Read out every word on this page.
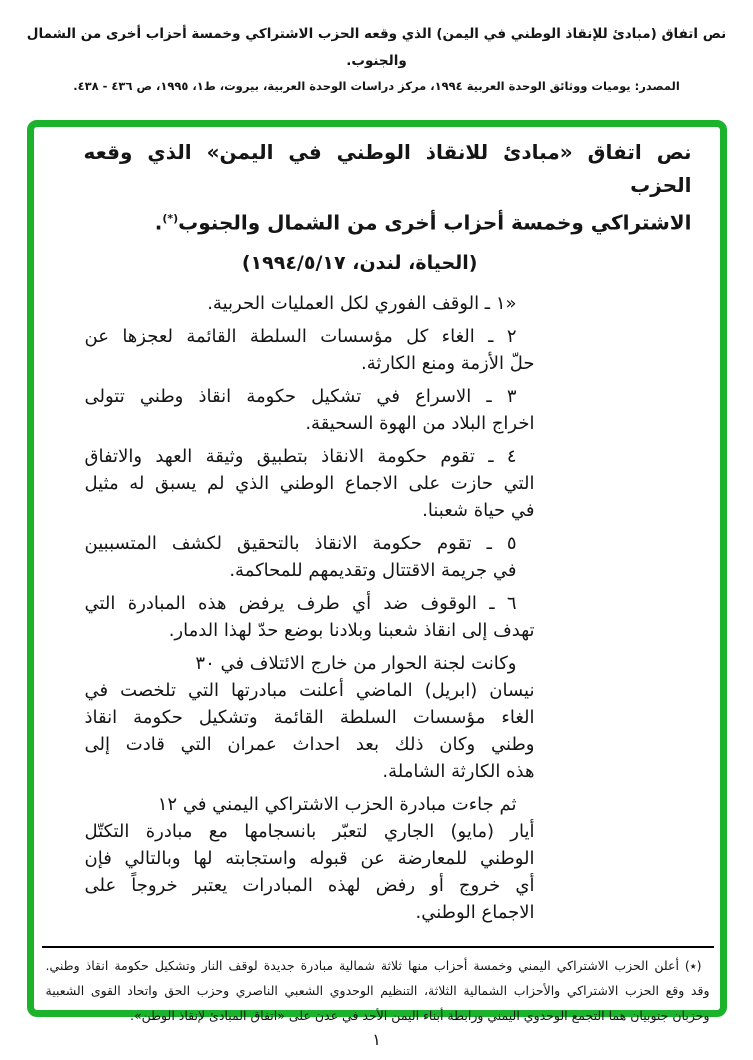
نص اتفاق (مبادئ للإنقاذ الوطني في اليمن) الذي وقعه الحزب الاشتراكي وخمسة أحزاب أخرى من الشمال
والجنوب.
المصدر: يوميات ووثائق الوحدة العربية ١٩٩٤، مركز دراسات الوحدة العربية، بيروت، ط١، ١٩٩٥، ص ٤٣٦ - ٤٣٨.
نص اتفاق «مبادئ للانقاذ الوطني في اليمن» الذي وقعه الحزب
الاشتراكي وخمسة أحزاب أخرى من الشمال والجنوب(*).
(الحياة، لندن، ١٩٩٤/٥/١٧)
«١ ـ الوقف الفوري لكل العمليات الحربية.
٢ ـ الغاء كل مؤسسات السلطة القائمة لعجزها عن
حلّ الأزمة ومنع الكارثة.
٣ ـ الاسراع في تشكيل حكومة انقاذ وطني تتولى
اخراج البلاد من الهوة السحيقة.
٤ ـ تقوم حكومة الانقاذ بتطبيق وثيقة العهد والاتفاق
التي حازت على الاجماع الوطني الذي لم يسبق له مثيل
في حياة شعبنا.
٥ ـ تقوم حكومة الانقاذ بالتحقيق لكشف المتسببين
في جريمة الاقتتال وتقديمهم للمحاكمة.
٦ ـ الوقوف ضد أي طرف يرفض هذه المبادرة التي
تهدف إلى انقاذ شعبنا وبلادنا بوضع حدّ لهذا الدمار.
وكانت لجنة الحوار من خارج الائتلاف في ٣٠
نيسان (ابريل) الماضي أعلنت مبادرتها التي تلخصت في
الغاء مؤسسات السلطة القائمة وتشكيل حكومة انقاذ
وطني وكان ذلك بعد احداث عمران التي قادت إلى
هذه الكارثة الشاملة.
ثم جاءت مبادرة الحزب الاشتراكي اليمني في ١٢
أيار (مايو) الجاري لتعبّر بانسجامها مع مبادرة التكتّل
الوطني للمعارضة عن قبوله واستجابته لها وبالتالي فإن
أي خروج أو رفض لهذه المبادرات يعتبر خروجاً على
الاجماع الوطني.
(٭) أعلن الحزب الاشتراكي اليمني وخمسة أحزاب منها ثلاثة شمالية مبادرة جديدة لوقف النار وتشكيل حكومة انقاذ وطني.
وقد وقع الحزب الاشتراكي والأحزاب الشمالية الثلاثة، التنظيم الوحدوي الشعبي الناصري وحزب الحق واتحاد القوى الشعبية
وحزبان جنوبيان هما التجمع الوحدوي اليمني ورابطة أبناء اليمن الأحد في عدن على «اتفاق المبادئ لإنقاذ الوطن».
١
